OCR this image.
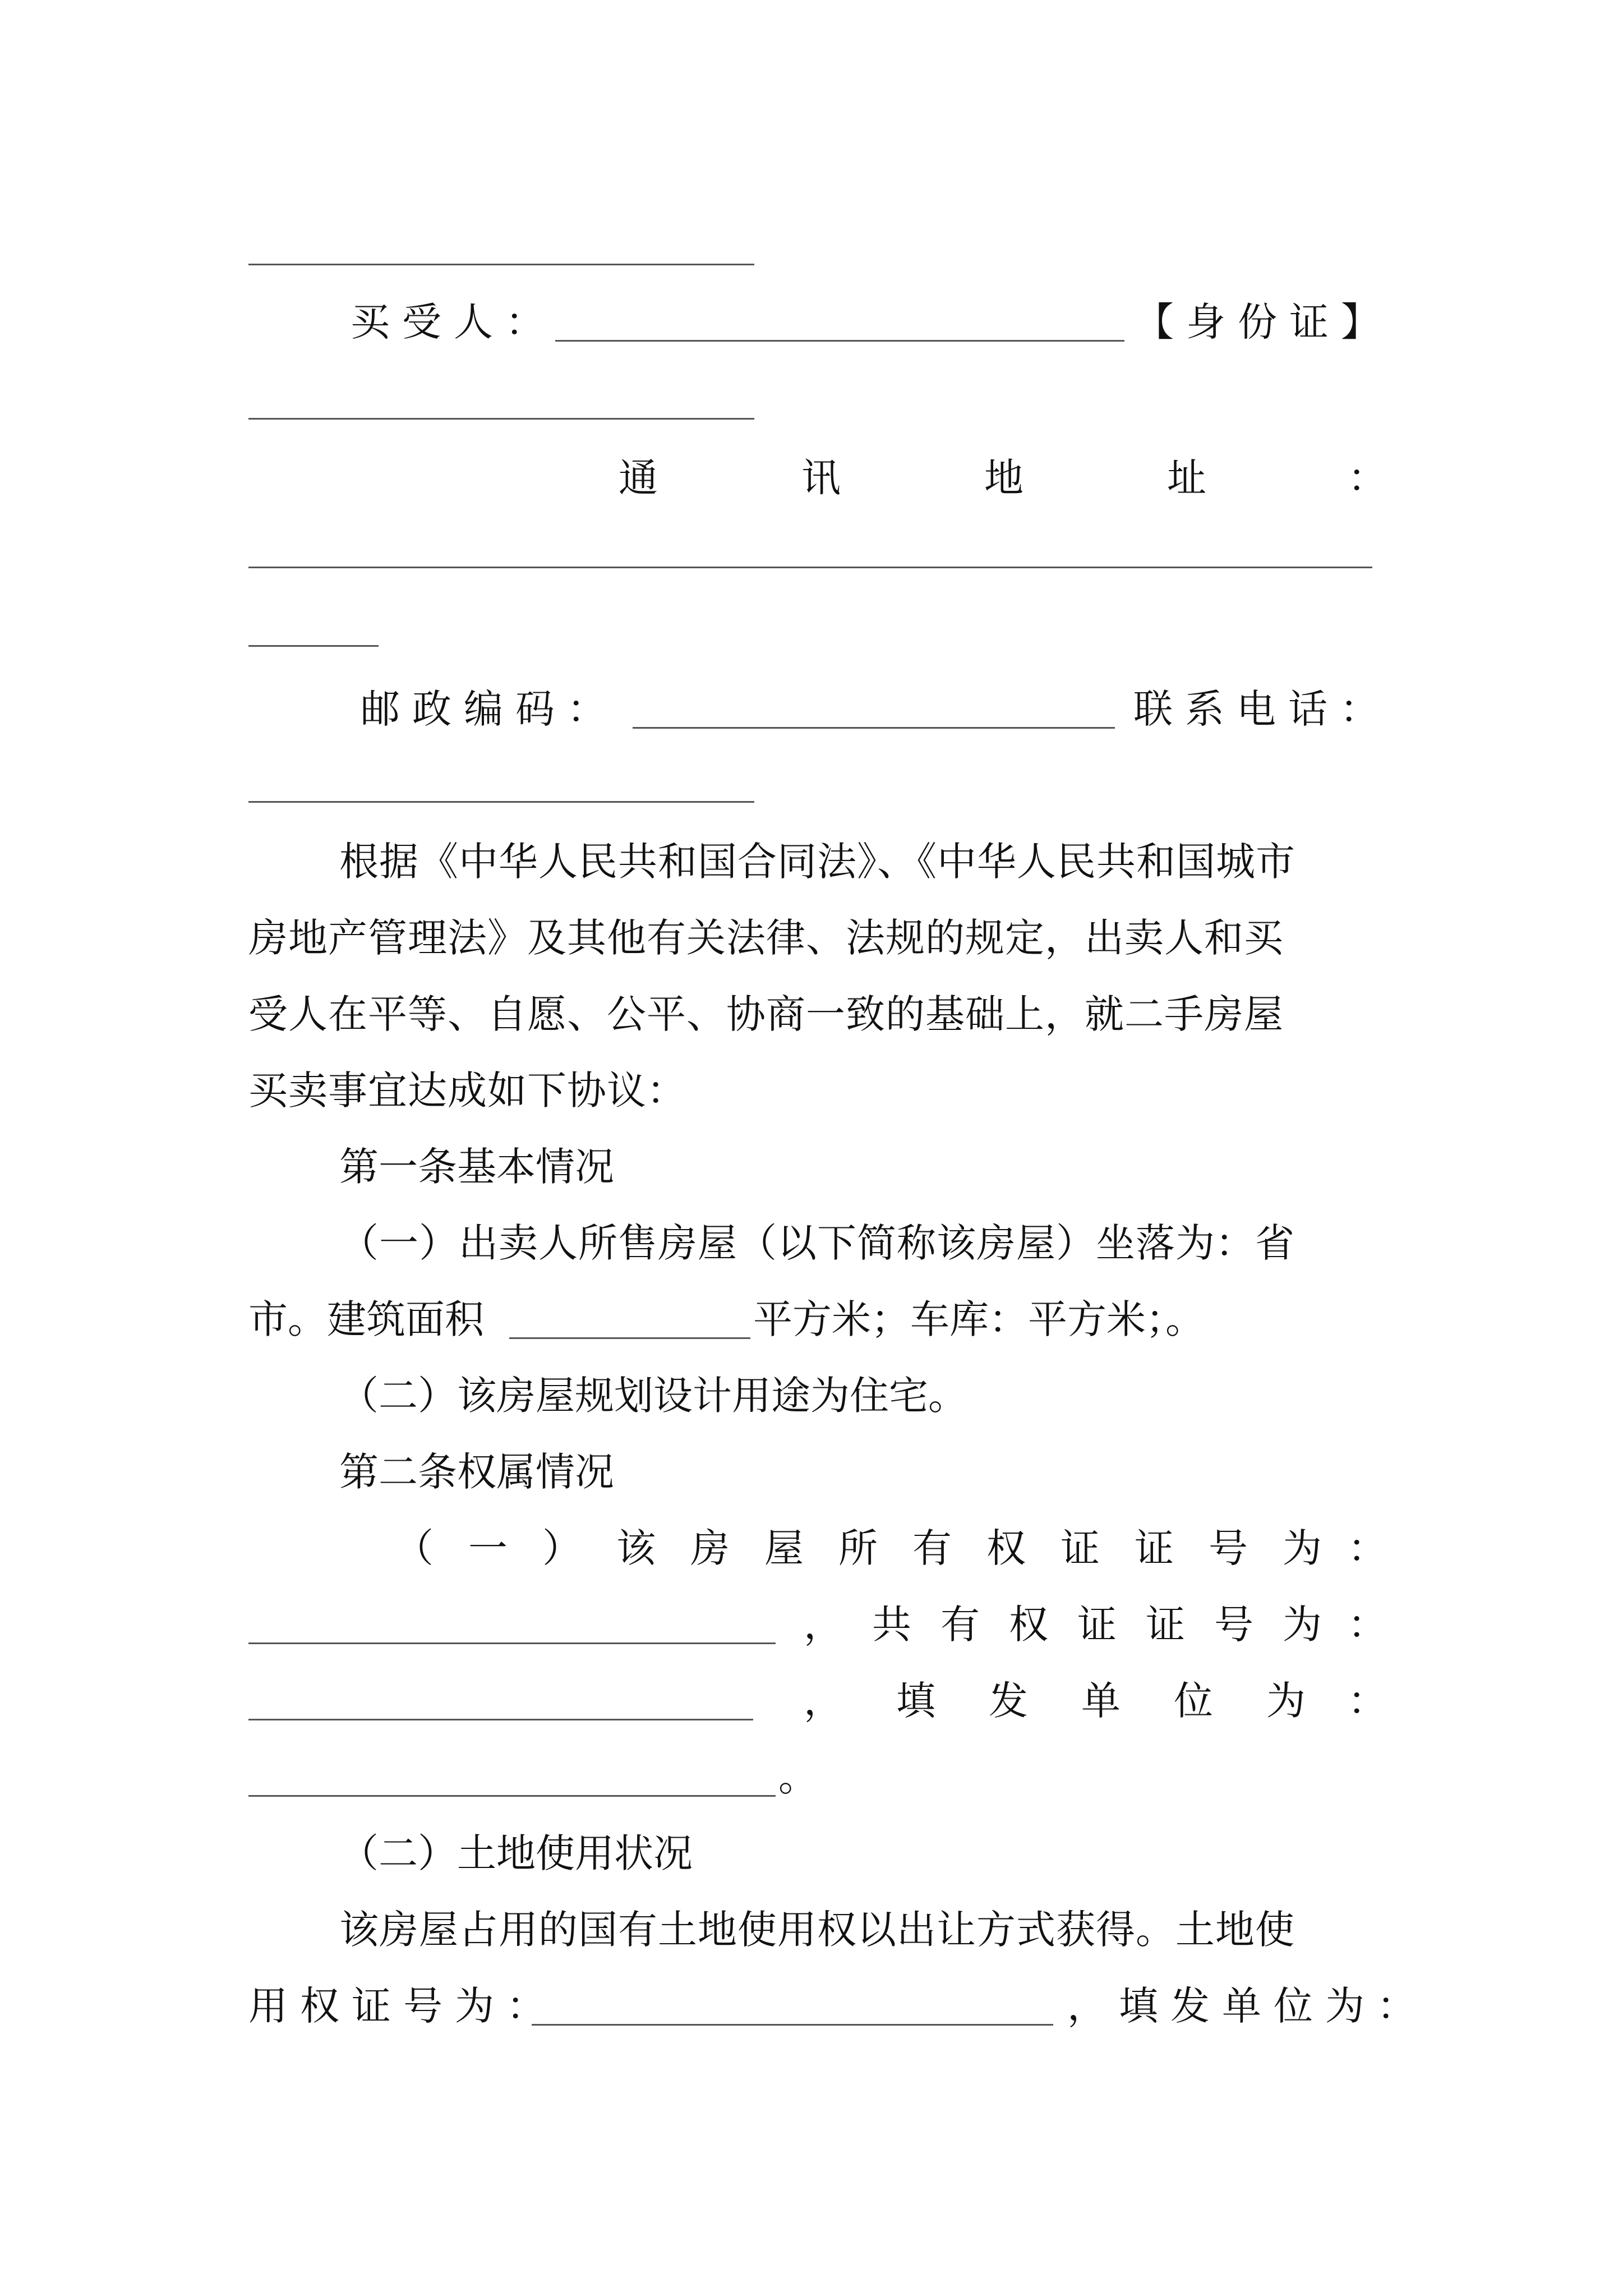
买受人：	【身份证】
通	讯	地	址	：
邮政编码：	联系电话：
根据《中华人民共和国合同法》、《中华人民共和国城市
房地产管理法》及其他有关法律、法规的规定，出卖人和买
受人在平等、自愿、公平、协商一致的基础上，就二手房屋
买卖事宜达成如下协议：
第一条基本情况
（一）出卖人所售房屋（以下简称该房屋）坐落为：省
市。建筑面积	平方米；车库：平方米；。
（二）该房屋规划设计用途为住宅。
第二条权属情况
（ 一 ） 该 房 屋 所 有 权 证 证 号 为 ：
， 共 有 权 证 证 号 为 ：
， 填 发 单 位 为 ：
。
（二）土地使用状况
该房屋占用的国有土地使用权以出让方式获得。土地使
用权证号为：	，填发单位为：
